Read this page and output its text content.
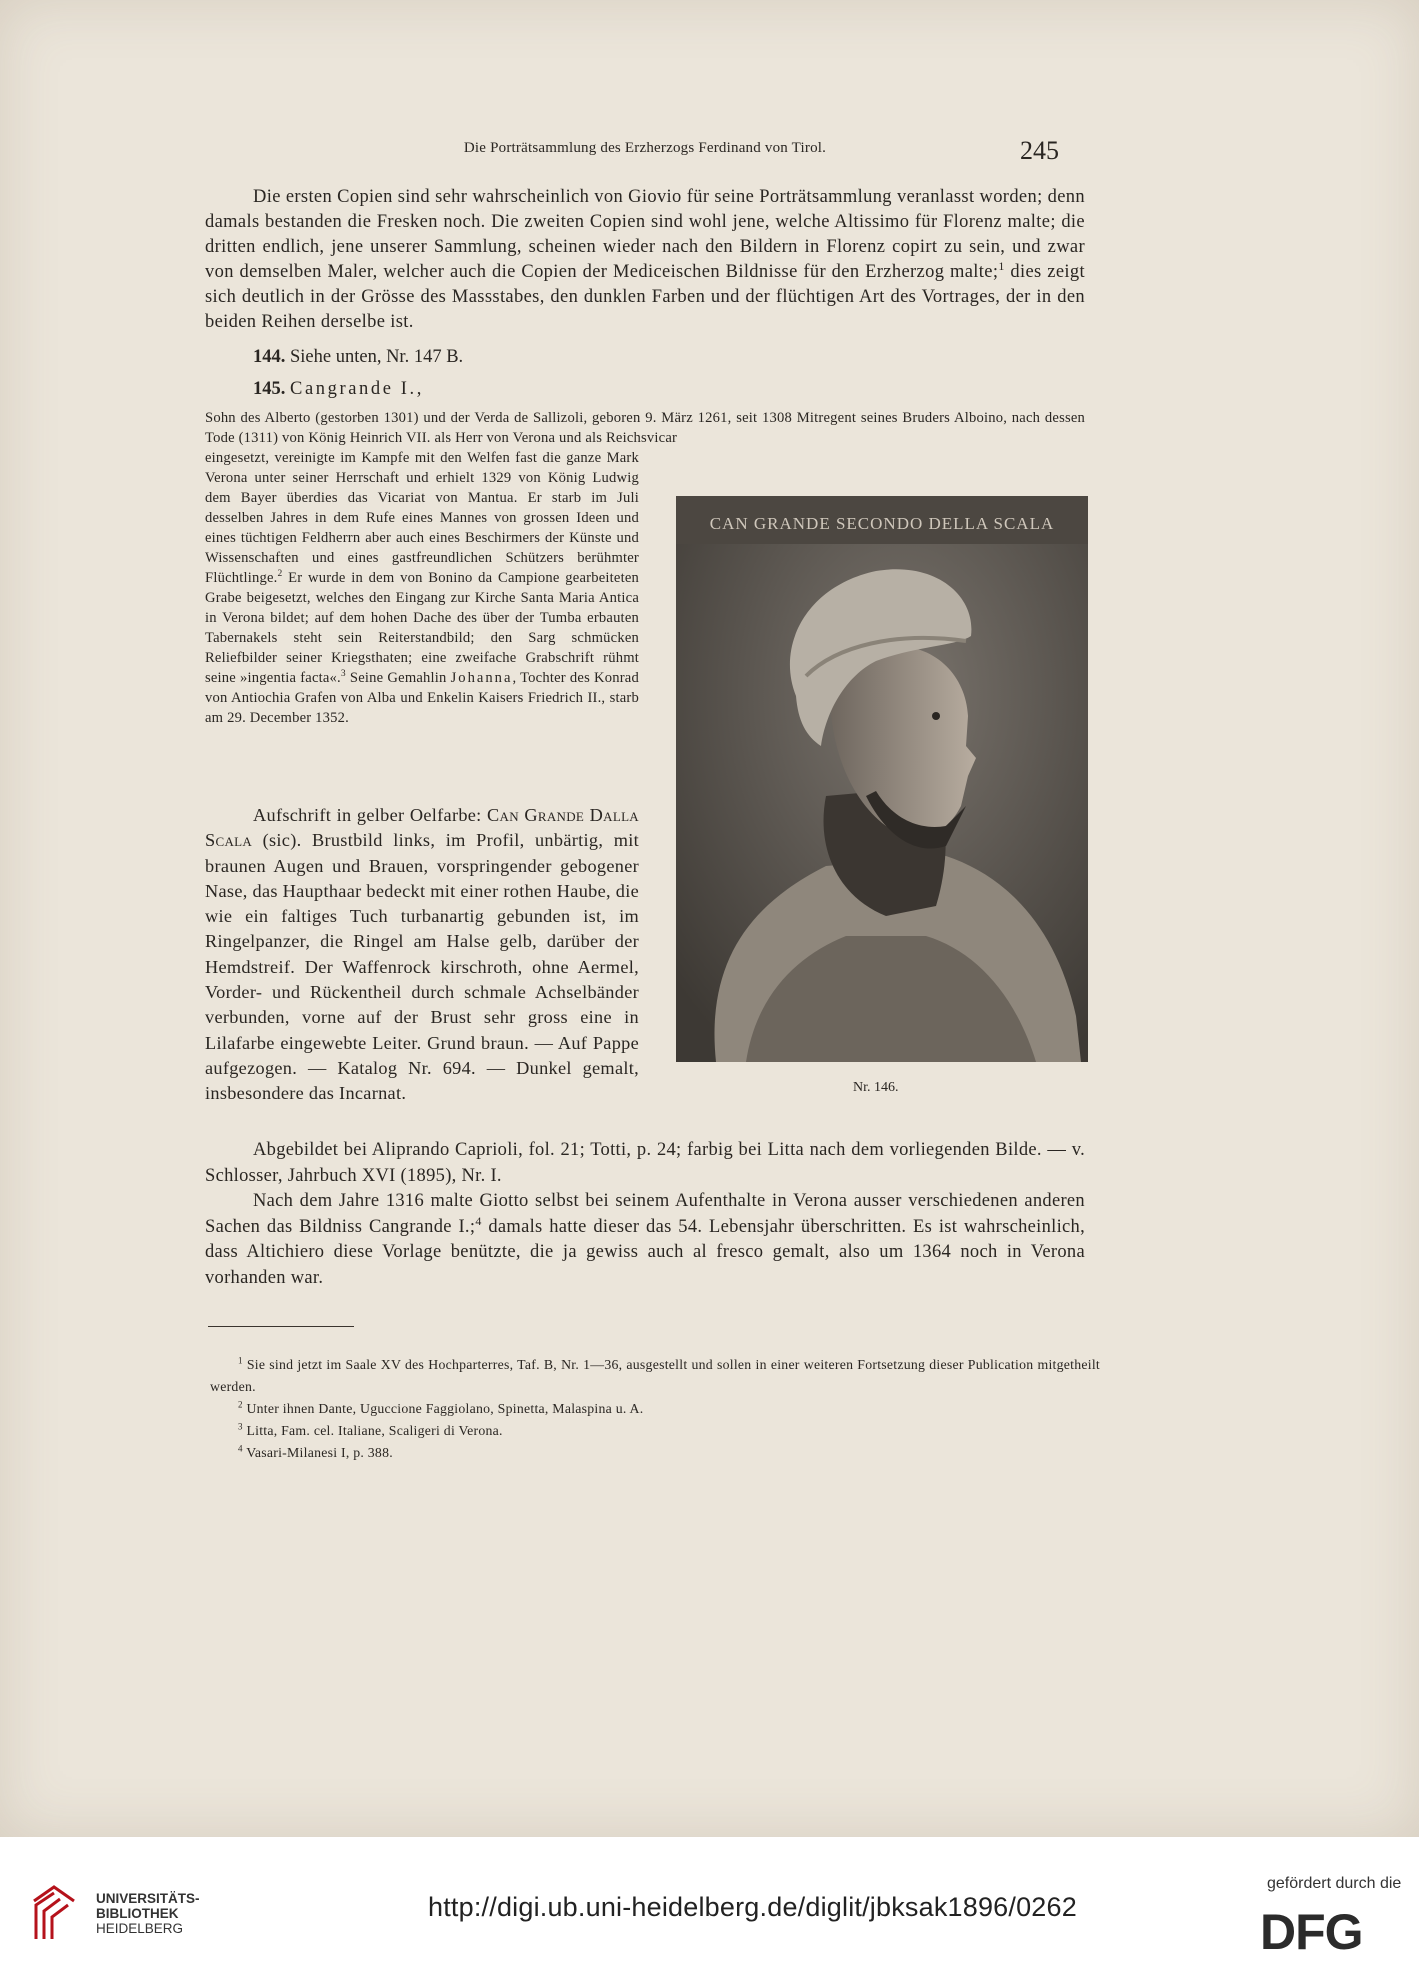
Die Porträtsammlung des Erzherzogs Ferdinand von Tirol.	245

Die ersten Copien sind sehr wahrscheinlich von Giovio für seine Porträtsammlung veranlasst worden; denn damals bestanden die Fresken noch. Die zweiten Copien sind wohl jene, welche Altissimo für Florenz malte; die dritten endlich, jene unserer Sammlung, scheinen wieder nach den Bildern in Florenz copirt zu sein, und zwar von demselben Maler, welcher auch die Copien der Mediceischen Bildnisse für den Erzherzog malte;$^1$ dies zeigt sich deutlich in der Grösse des Massstabes, den dunklen Farben und der flüchtigen Art des Vortrages, der in den beiden Reihen derselbe ist.

144. Siehe unten, Nr. 147 B.
145. Cangrande I.,
Sohn des Alberto (gestorben 1301) und der Verda de Sallizoli, geboren 9. März 1261, seit 1308 Mitregent seines Bruders Alboino, nach dessen Tode (1311) von König Heinrich VII. als Herr von Verona und als Reichsvicar

eingesetzt, vereinigte im Kampfe mit den Welfen fast die ganze Mark Verona unter seiner Herrschaft und erhielt 1329 von König Ludwig dem Bayer überdies das Vicariat von Mantua. Er starb im Juli desselben Jahres in dem Rufe eines Mannes von grossen Ideen und eines tüchtigen Feldherrn aber auch eines Beschirmers der Künste und Wissenschaften und eines gastfreundlichen Schützers berühmter Flüchtlinge.$^2$ Er wurde in dem von Bonino da Campione gearbeiteten Grabe beigesetzt, welches den Eingang zur Kirche Santa Maria Antica in Verona bildet; auf dem hohen Dache des über der Tumba erbauten Tabernakels steht sein Reiterstandbild; den Sarg schmücken Reliefbilder seiner Kriegsthaten; eine zweifache Grabschrift rühmt seine »ingentia facta«.$^3$ Seine Gemahlin Johanna, Tochter des Konrad von Antiochia Grafen von Alba und Enkelin Kaisers Friedrich II., starb am 29. December 1352.

Aufschrift in gelber Oelfarbe: Can Grande Dalla Scala (sic). Brustbild links, im Profil, unbärtig, mit braunen Augen und Brauen, vorspringender gebogener Nase, das Haupthaar bedeckt mit einer rothen Haube, die wie ein faltiges Tuch turbanartig gebunden ist, im Ringelpanzer, die Ringel am Halse gelb, darüber der Hemdstreif. Der Waffenrock kirschroth, ohne Aermel, Vorder- und Rückentheil durch schmale Achselbänder verbunden, vorne auf der Brust sehr gross eine in Lilafarbe eingewebte Leiter. Grund braun. — Auf Pappe aufgezogen. — Katalog Nr. 694. — Dunkel gemalt, insbesondere das Incarnat.

CAN GRANDE SECONDO DELLA SCALA
Nr. 146.

Abgebildet bei Aliprando Caprioli, fol. 21; Totti, p. 24; farbig bei Litta nach dem vorliegenden Bilde. — v. Schlosser, Jahrbuch XVI (1895), Nr. I.

Nach dem Jahre 1316 malte Giotto selbst bei seinem Aufenthalte in Verona ausser verschiedenen anderen Sachen das Bildniss Cangrande I.;$^4$ damals hatte dieser das 54. Lebensjahr überschritten. Es ist wahrscheinlich, dass Altichiero diese Vorlage benützte, die ja gewiss auch al fresco gemalt, also um 1364 noch in Verona vorhanden war.

$^1$ Sie sind jetzt im Saale XV des Hochparterres, Taf. B, Nr. 1—36, ausgestellt und sollen in einer weiteren Fortsetzung dieser Publication mitgetheilt werden.

$^2$ Unter ihnen Dante, Uguccione Faggiolano, Spinetta, Malaspina u. A.

$^3$ Litta, Fam. cel. Italiane, Scaligeri di Verona.

$^4$ Vasari-Milanesi I, p. 388.

UNIVERSITÄTS-
BIBLIOTHEK
HEIDELBERG
http://digi.ub.uni-heidelberg.de/diglit/jbksak1896/0262
gefördert durch die
DFG
